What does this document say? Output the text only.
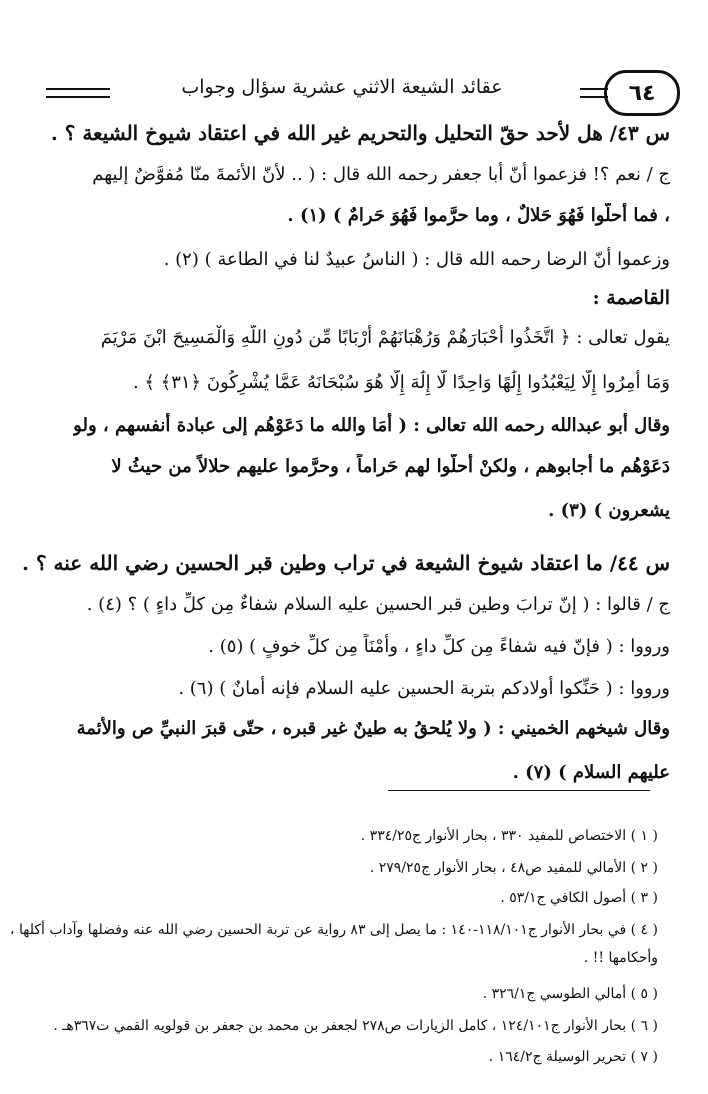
٦٤
عقائد الشيعة الاثني عشرية سؤال وجواب

س ٤٣/ هل لأحد حقّ التحليل والتحريم غير الله في اعتقاد شيوخ الشيعة ؟ .

ج / نعم ؟! فزعموا أنّ أبا جعفر رحمه الله قال : ( .. لأنّ الأئمةَ منّا مُفوَّضٌ إليهم

، فما أحلُّوا فَهُوَ حَلالٌ ، وما حرَّموا فَهُوَ حَرامٌ ) (١) .

وزعموا أنّ الرضا رحمه الله قال : ( الناسُ عبيدٌ لنا في الطاعة ) (٢) .

القاصمة :

يقول تعالى : ﴿ اتَّخَذُوا أَحْبَارَهُمْ وَرُهْبَانَهُمْ أَرْبَابًا مِّن دُونِ اللَّهِ وَالْمَسِيحَ ابْنَ مَرْيَمَ

وَمَا أُمِرُوا إِلَّا لِيَعْبُدُوا إِلَٰهًا وَاحِدًا لَّا إِلَٰهَ إِلَّا هُوَ سُبْحَانَهُ عَمَّا يُشْرِكُونَ ﴿٣١﴾ ﴾ .

وقال أبو عبدالله رحمه الله تعالى : ( أَمَا والله ما دَعَوْهُم إلى عبادة أنفسهم ، ولو

دَعَوْهُم ما أجابوهم ، ولكنْ أحلُّوا لهم حَراماً ، وحرَّموا عليهم حلالاً من حيثُ لا

يشعرون ) (٣) .

س ٤٤/ ما اعتقاد شيوخ الشيعة في تراب وطين قبر الحسين رضي الله عنه ؟ .

ج / قالوا : ( إنّ ترابَ وطين قبر الحسين عليه السلام شفاءٌ مِن كلِّ داءٍ ) ؟ (٤) .

ورووا : ( فإنّ فيه شفاءً مِن كلِّ داءٍ ، وأَمْنَاً مِن كلِّ خوفٍ ) (٥) .

ورووا : ( حَنِّكوا أولادكم بتربة الحسين عليه السلام فإنه أمانٌ ) (٦) .

وقال شيخهم الخميني : ( ولا يُلحقُ به طينٌ غير قبره ، حتّى قبرَ النبيِّ ص والأئمة

عليهم السلام ) (٧) .

( ١ ) الاختصاص للمفيد ٣٣٠ ، بحار الأنوار ج٣٣٤/٢٥ .
( ٢ ) الأمالي للمفيد ص٤٨ ، بحار الأنوار ج٢٧٩/٢٥ .
( ٣ ) أصول الكافي ج٥٣/١ .
( ٤ ) في بحار الأنوار ج١١٨/١٠١-١٤٠ : ما يصل إلى ٨٣ رواية عن تربة الحسين رضي الله عنه وفضلها وآداب أكلها ،
وأحكامها !! .
( ٥ ) أمالي الطوسي ج٣٢٦/١ .
( ٦ ) بحار الأنوار ج١٢٤/١٠١ ، كامل الزيارات ص٢٧٨ لجعفر بن محمد بن جعفر بن قولويه القمي ت٣٦٧هـ .
( ٧ ) تحرير الوسيلة ج١٦٤/٢ .
